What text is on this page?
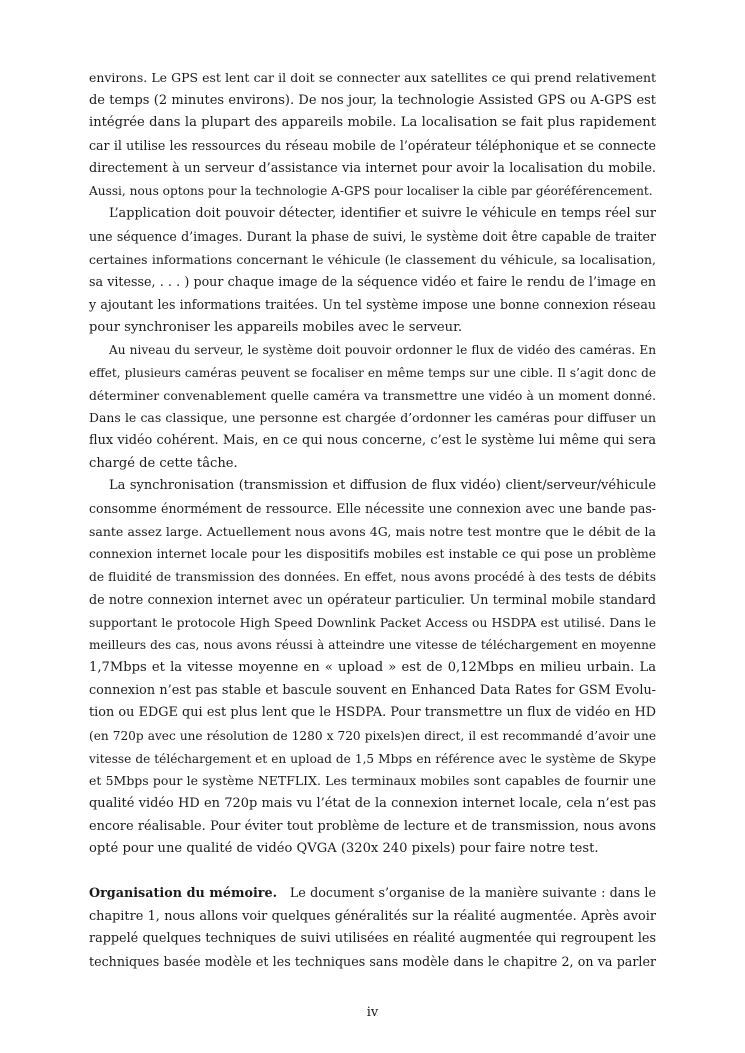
environs. Le GPS est lent car il doit se connecter aux satellites ce qui prend relativement
de temps (2 minutes environs). De nos jour, la technologie Assisted GPS ou A-GPS est
intégrée dans la plupart des appareils mobile. La localisation se fait plus rapidement
car il utilise les ressources du réseau mobile de l’opérateur téléphonique et se connecte
directement à un serveur d’assistance via internet pour avoir la localisation du mobile.
Aussi, nous optons pour la technologie A-GPS pour localiser la cible par géoréférencement.
L’application doit pouvoir détecter, identifier et suivre le véhicule en temps réel sur
une séquence d’images. Durant la phase de suivi, le système doit être capable de traiter
certaines informations concernant le véhicule (le classement du véhicule, sa localisation,
sa vitesse, . . . ) pour chaque image de la séquence vidéo et faire le rendu de l’image en
y ajoutant les informations traitées. Un tel système impose une bonne connexion réseau
pour synchroniser les appareils mobiles avec le serveur.
Au niveau du serveur, le système doit pouvoir ordonner le flux de vidéo des caméras. En
effet, plusieurs caméras peuvent se focaliser en même temps sur une cible. Il s’agit donc de
déterminer convenablement quelle caméra va transmettre une vidéo à un moment donné.
Dans le cas classique, une personne est chargée d’ordonner les caméras pour diffuser un
flux vidéo cohérent. Mais, en ce qui nous concerne, c’est le système lui même qui sera
chargé de cette tâche.
La synchronisation (transmission et diffusion de flux vidéo) client/serveur/véhicule
consomme énormément de ressource. Elle nécessite une connexion avec une bande pas-
sante assez large. Actuellement nous avons 4G, mais notre test montre que le débit de la
connexion internet locale pour les dispositifs mobiles est instable ce qui pose un problème
de fluidité de transmission des données. En effet, nous avons procédé à des tests de débits
de notre connexion internet avec un opérateur particulier. Un terminal mobile standard
supportant le protocole High Speed Downlink Packet Access ou HSDPA est utilisé. Dans le
meilleurs des cas, nous avons réussi à atteindre une vitesse de téléchargement en moyenne
1,7Mbps et la vitesse moyenne en « upload » est de 0,12Mbps en milieu urbain. La
connexion n’est pas stable et bascule souvent en Enhanced Data Rates for GSM Evolu-
tion ou EDGE qui est plus lent que le HSDPA. Pour transmettre un flux de vidéo en HD
(en 720p avec une résolution de 1280 x 720 pixels)en direct, il est recommandé d’avoir une
vitesse de téléchargement et en upload de 1,5 Mbps en référence avec le système de Skype
et 5Mbps pour le système NETFLIX. Les terminaux mobiles sont capables de fournir une
qualité vidéo HD en 720p mais vu l’état de la connexion internet locale, cela n’est pas
encore réalisable. Pour éviter tout problème de lecture et de transmission, nous avons
opté pour une qualité de vidéo QVGA (320x 240 pixels) pour faire notre test.
Organisation du mémoire. Le document s’organise de la manière suivante : dans le
chapitre 1, nous allons voir quelques généralités sur la réalité augmentée. Après avoir
rappelé quelques techniques de suivi utilisées en réalité augmentée qui regroupent les
techniques basée modèle et les techniques sans modèle dans le chapitre 2, on va parler
iv
